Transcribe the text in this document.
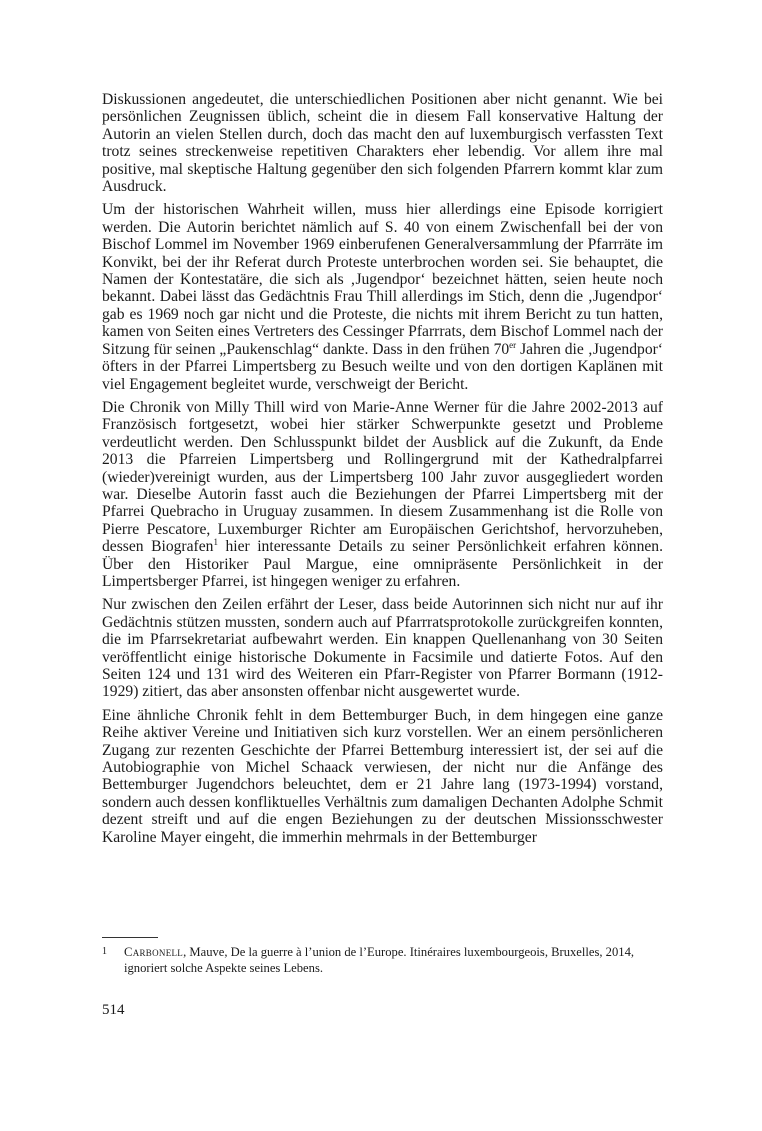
Diskussionen angedeutet, die unterschiedlichen Positionen aber nicht genannt. Wie bei persönlichen Zeugnissen üblich, scheint die in diesem Fall konservative Haltung der Autorin an vielen Stellen durch, doch das macht den auf luxemburgisch verfassten Text trotz seines streckenweise repetitiven Charakters eher lebendig. Vor allem ihre mal positive, mal skeptische Haltung gegenüber den sich folgenden Pfarrern kommt klar zum Ausdruck.

Um der historischen Wahrheit willen, muss hier allerdings eine Episode korrigiert werden. Die Autorin berichtet nämlich auf S. 40 von einem Zwischenfall bei der von Bischof Lommel im November 1969 einberufenen Generalversammlung der Pfarrräte im Konvikt, bei der ihr Referat durch Proteste unterbrochen worden sei. Sie behauptet, die Namen der Kontestatäre, die sich als ‚Jugendpor‘ bezeichnet hätten, seien heute noch bekannt. Dabei lässt das Gedächtnis Frau Thill allerdings im Stich, denn die ‚Jugendpor‘ gab es 1969 noch gar nicht und die Proteste, die nichts mit ihrem Bericht zu tun hatten, kamen von Seiten eines Vertreters des Cessinger Pfarrrats, dem Bischof Lommel nach der Sitzung für seinen „Paukenschlag“ dankte. Dass in den frühen 70er Jahren die ‚Jugendpor‘ öfters in der Pfarrei Limpertsberg zu Besuch weilte und von den dortigen Kaplänen mit viel Engagement begleitet wurde, verschweigt der Bericht.

Die Chronik von Milly Thill wird von Marie-Anne Werner für die Jahre 2002-2013 auf Französisch fortgesetzt, wobei hier stärker Schwerpunkte gesetzt und Probleme verdeutlicht werden. Den Schlusspunkt bildet der Ausblick auf die Zukunft, da Ende 2013 die Pfarreien Limpertsberg und Rollingergrund mit der Kathedralpfarrei (wieder)vereinigt wurden, aus der Limpertsberg 100 Jahr zuvor ausgegliedert worden war. Dieselbe Autorin fasst auch die Beziehungen der Pfarrei Limpertsberg mit der Pfarrei Quebracho in Uruguay zusammen. In diesem Zusammenhang ist die Rolle von Pierre Pescatore, Luxemburger Richter am Europäischen Gerichtshof, hervorzuheben, dessen Biografen$^1$ hier interessante Details zu seiner Persönlichkeit erfahren können. Über den Historiker Paul Margue, eine omnipräsente Persönlichkeit in der Limpertsberger Pfarrei, ist hingegen weniger zu erfahren.

Nur zwischen den Zeilen erfährt der Leser, dass beide Autorinnen sich nicht nur auf ihr Gedächtnis stützen mussten, sondern auch auf Pfarrratsprotokolle zurückgreifen konnten, die im Pfarrsekretariat aufbewahrt werden. Ein knappen Quellenanhang von 30 Seiten veröffentlicht einige historische Dokumente in Facsimile und datierte Fotos. Auf den Seiten 124 und 131 wird des Weiteren ein Pfarr-Register von Pfarrer Bormann (1912-1929) zitiert, das aber ansonsten offenbar nicht ausgewertet wurde.

Eine ähnliche Chronik fehlt in dem Bettemburger Buch, in dem hingegen eine ganze Reihe aktiver Vereine und Initiativen sich kurz vorstellen. Wer an einem persönlicheren Zugang zur rezenten Geschichte der Pfarrei Bettemburg interessiert ist, der sei auf die Autobiographie von Michel Schaack verwiesen, der nicht nur die Anfänge des Bettemburger Jugendchors beleuchtet, dem er 21 Jahre lang (1973-1994) vorstand, sondern auch dessen konfliktuelles Verhältnis zum damaligen Dechanten Adolphe Schmit dezent streift und auf die engen Beziehungen zu der deutschen Missionsschwester Karoline Mayer eingeht, die immerhin mehrmals in der Bettemburger

1	Carbonell, Mauve, De la guerre à l’union de l’Europe. Itinéraires luxembourgeois, Bruxelles, 2014, ignoriert solche Aspekte seines Lebens.
514
